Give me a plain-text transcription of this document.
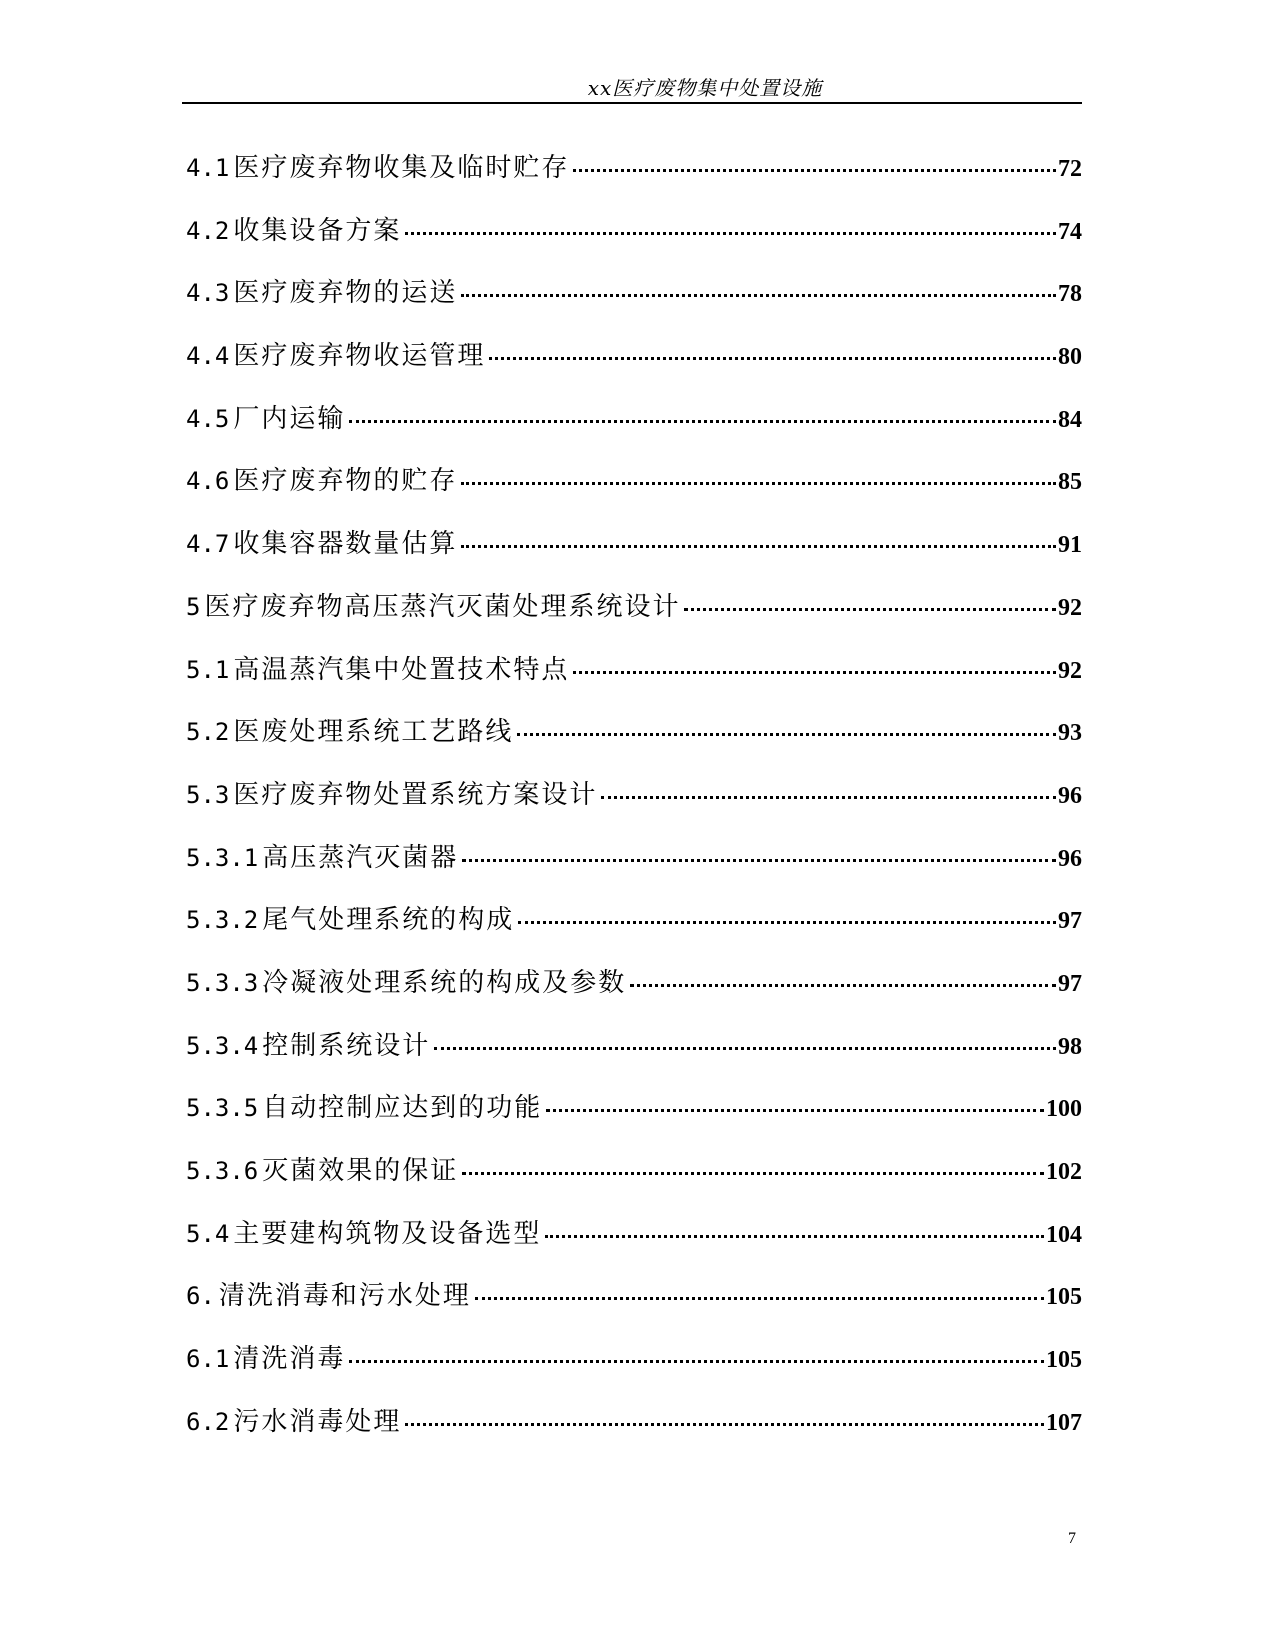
xx医疗废物集中处置设施
4.1 医疗废弃物收集及临时贮存	72
4.2 收集设备方案	74
4.3 医疗废弃物的运送	78
4.4 医疗废弃物收运管理	80
4.5 厂内运输	84
4.6 医疗废弃物的贮存	85
4.7 收集容器数量估算	91
5 医疗废弃物高压蒸汽灭菌处理系统设计	92
5.1 高温蒸汽集中处置技术特点	92
5.2 医废处理系统工艺路线	93
5.3 医疗废弃物处置系统方案设计	96
5.3.1 高压蒸汽灭菌器	96
5.3.2 尾气处理系统的构成	97
5.3.3 冷凝液处理系统的构成及参数	97
5.3.4 控制系统设计	98
5.3.5 自动控制应达到的功能	100
5.3.6 灭菌效果的保证	102
5.4 主要建构筑物及设备选型	104
6. 清洗消毒和污水处理	105
6.1 清洗消毒	105
6.2 污水消毒处理	107
7
